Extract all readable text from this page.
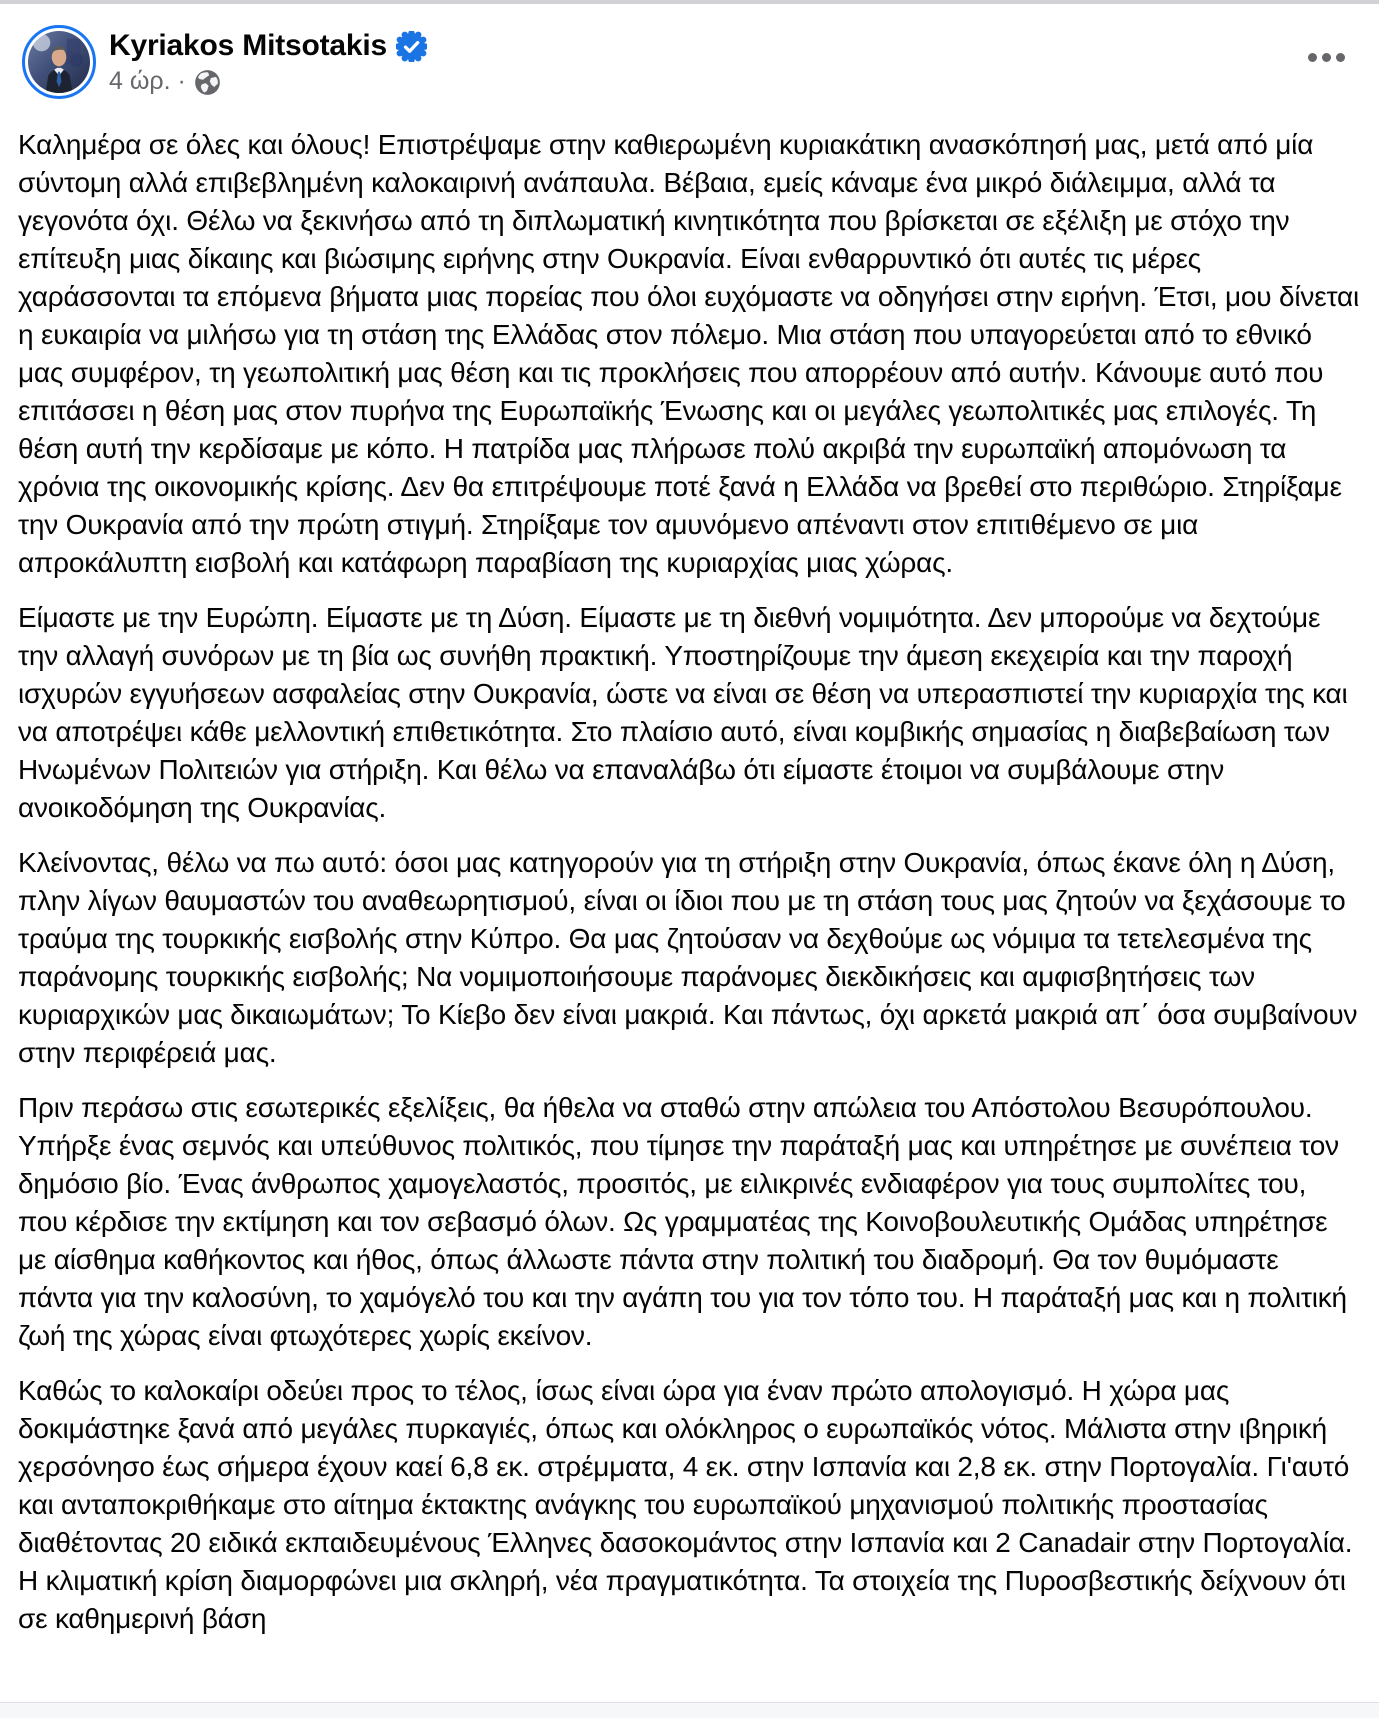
Kyriakos Mitsotakis
4 ώρ. ·

Καλημέρα σε όλες και όλους! Επιστρέψαμε στην καθιερωμένη κυριακάτικη ανασκόπησή μας, μετά από μία σύντομη αλλά επιβεβλημένη καλοκαιρινή ανάπαυλα. Βέβαια, εμείς κάναμε ένα μικρό διάλειμμα, αλλά τα γεγονότα όχι. Θέλω να ξεκινήσω από τη διπλωματική κινητικότητα που βρίσκεται σε εξέλιξη με στόχο την επίτευξη μιας δίκαιης και βιώσιμης ειρήνης στην Ουκρανία. Είναι ενθαρρυντικό ότι αυτές τις μέρες χαράσσονται τα επόμενα βήματα μιας πορείας που όλοι ευχόμαστε να οδηγήσει στην ειρήνη. Έτσι, μου δίνεται η ευκαιρία να μιλήσω για τη στάση της Ελλάδας στον πόλεμο. Μια στάση που υπαγορεύεται από το εθνικό μας συμφέρον, τη γεωπολιτική μας θέση και τις προκλήσεις που απορρέουν από αυτήν. Κάνουμε αυτό που επιτάσσει η θέση μας στον πυρήνα της Ευρωπαϊκής Ένωσης και οι μεγάλες γεωπολιτικές μας επιλογές. Τη θέση αυτή την κερδίσαμε με κόπο. Η πατρίδα μας πλήρωσε πολύ ακριβά την ευρωπαϊκή απομόνωση τα χρόνια της οικονομικής κρίσης. Δεν θα επιτρέψουμε ποτέ ξανά η Ελλάδα να βρεθεί στο περιθώριο. Στηρίξαμε την Ουκρανία από την πρώτη στιγμή. Στηρίξαμε τον αμυνόμενο απέναντι στον επιτιθέμενο σε μια απροκάλυπτη εισβολή και κατάφωρη παραβίαση της κυριαρχίας μιας χώρας.

Είμαστε με την Ευρώπη. Είμαστε με τη Δύση. Είμαστε με τη διεθνή νομιμότητα. Δεν μπορούμε να δεχτούμε την αλλαγή συνόρων με τη βία ως συνήθη πρακτική. Υποστηρίζουμε την άμεση εκεχειρία και την παροχή ισχυρών εγγυήσεων ασφαλείας στην Ουκρανία, ώστε να είναι σε θέση να υπερασπιστεί την κυριαρχία της και να αποτρέψει κάθε μελλοντική επιθετικότητα. Στο πλαίσιο αυτό, είναι κομβικής σημασίας η διαβεβαίωση των Ηνωμένων Πολιτειών για στήριξη. Και θέλω να επαναλάβω ότι είμαστε έτοιμοι να συμβάλουμε στην ανοικοδόμηση της Ουκρανίας.

Κλείνοντας, θέλω να πω αυτό: όσοι μας κατηγορούν για τη στήριξη στην Ουκρανία, όπως έκανε όλη η Δύση, πλην λίγων θαυμαστών του αναθεωρητισμού, είναι οι ίδιοι που με τη στάση τους μας ζητούν να ξεχάσουμε το τραύμα της τουρκικής εισβολής στην Κύπρο. Θα μας ζητούσαν να δεχθούμε ως νόμιμα τα τετελεσμένα της παράνομης τουρκικής εισβολής; Να νομιμοποιήσουμε παράνομες διεκδικήσεις και αμφισβητήσεις των κυριαρχικών μας δικαιωμάτων; Το Κίεβο δεν είναι μακριά. Και πάντως, όχι αρκετά μακριά απ΄ όσα συμβαίνουν στην περιφέρειά μας.

Πριν περάσω στις εσωτερικές εξελίξεις, θα ήθελα να σταθώ στην απώλεια του Απόστολου Βεσυρόπουλου. Υπήρξε ένας σεμνός και υπεύθυνος πολιτικός, που τίμησε την παράταξή μας και υπηρέτησε με συνέπεια τον δημόσιο βίο. Ένας άνθρωπος χαμογελαστός, προσιτός, με ειλικρινές ενδιαφέρον για τους συμπολίτες του, που κέρδισε την εκτίμηση και τον σεβασμό όλων. Ως γραμματέας της Κοινοβουλευτικής Ομάδας υπηρέτησε με αίσθημα καθήκοντος και ήθος, όπως άλλωστε πάντα στην πολιτική του διαδρομή. Θα τον θυμόμαστε πάντα για την καλοσύνη, το χαμόγελό του και την αγάπη του για τον τόπο του. Η παράταξή μας και η πολιτική ζωή της χώρας είναι φτωχότερες χωρίς εκείνον.

Καθώς το καλοκαίρι οδεύει προς το τέλος, ίσως είναι ώρα για έναν πρώτο απολογισμό. Η χώρα μας δοκιμάστηκε ξανά από μεγάλες πυρκαγιές, όπως και ολόκληρος ο ευρωπαϊκός νότος. Μάλιστα στην ιβηρική χερσόνησο έως σήμερα έχουν καεί 6,8 εκ. στρέμματα, 4 εκ. στην Ισπανία και 2,8 εκ. στην Πορτογαλία. Γι'αυτό και ανταποκριθήκαμε στο αίτημα έκτακτης ανάγκης του ευρωπαϊκού μηχανισμού πολιτικής προστασίας διαθέτοντας 20 ειδικά εκπαιδευμένους Έλληνες δασοκομάντος στην Ισπανία και 2 Canadair στην Πορτογαλία. Η κλιματική κρίση διαμορφώνει μια σκληρή, νέα πραγματικότητα. Τα στοιχεία της Πυροσβεστικής δείχνουν ότι σε καθημερινή βάση
